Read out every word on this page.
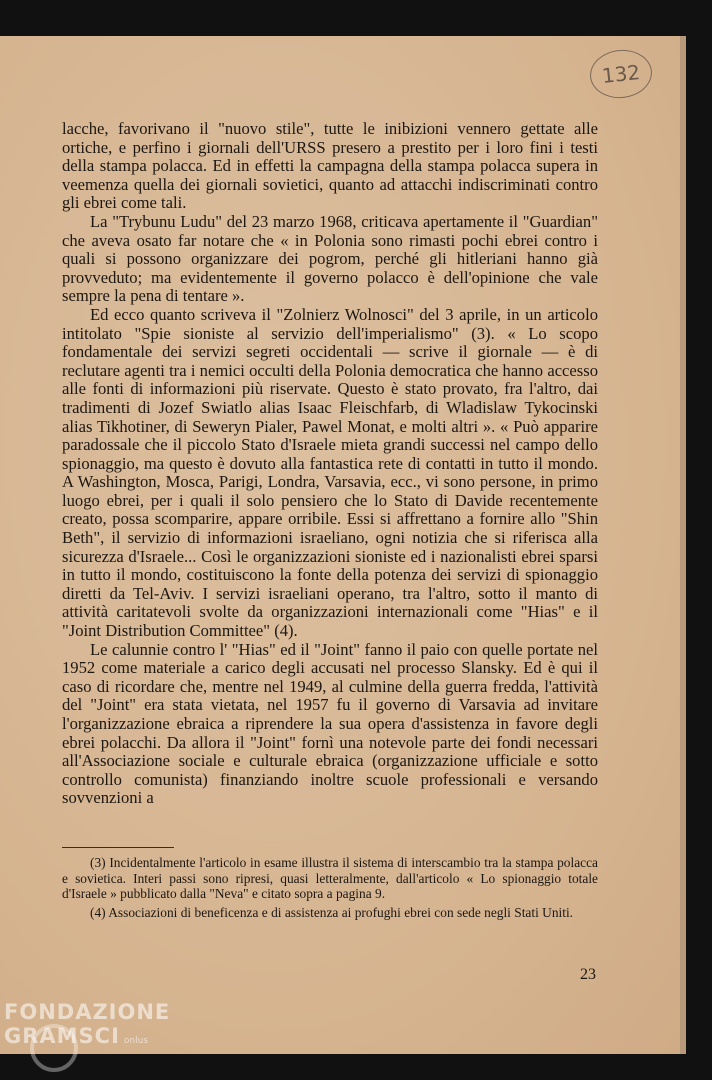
132

lacche, favorivano il "nuovo stile", tutte le inibizioni vennero gettate alle ortiche, e perfino i giornali dell'URSS presero a prestito per i loro fini i testi della stampa polacca. Ed in effetti la campagna della stampa polacca supera in veemenza quella dei giornali sovietici, quanto ad attacchi indiscriminati contro gli ebrei come tali.

La "Trybunu Ludu" del 23 marzo 1968, criticava apertamente il "Guardian" che aveva osato far notare che « in Polonia sono rimasti pochi ebrei contro i quali si possono organizzare dei pogrom, perché gli hitleriani hanno già provveduto; ma evidentemente il governo polacco è dell'opinione che vale sempre la pena di tentare ».

Ed ecco quanto scriveva il "Zolnierz Wolnosci" del 3 aprile, in un articolo intitolato "Spie sioniste al servizio dell'imperialismo" (3). « Lo scopo fondamentale dei servizi segreti occidentali — scrive il giornale — è di reclutare agenti tra i nemici occulti della Polonia democratica che hanno accesso alle fonti di informazioni più riservate. Questo è stato provato, fra l'altro, dai tradimenti di Jozef Swiatlo alias Isaac Fleischfarb, di Wladislaw Tykocinski alias Tikhotiner, di Seweryn Pialer, Pawel Monat, e molti altri ». « Può apparire paradossale che il piccolo Stato d'Israele mieta grandi successi nel campo dello spionaggio, ma questo è dovuto alla fantastica rete di contatti in tutto il mondo. A Washington, Mosca, Parigi, Londra, Varsavia, ecc., vi sono persone, in primo luogo ebrei, per i quali il solo pensiero che lo Stato di Davide recentemente creato, possa scomparire, appare orribile. Essi si affrettano a fornire allo "Shin Beth", il servizio di informazioni israeliano, ogni notizia che si riferisca alla sicurezza d'Israele... Così le organizzazioni sioniste ed i nazionalisti ebrei sparsi in tutto il mondo, costituiscono la fonte della potenza dei servizi di spionaggio diretti da Tel-Aviv. I servizi israeliani operano, tra l'altro, sotto il manto di attività caritatevoli svolte da organizzazioni internazionali come "Hias" e il "Joint Distribution Committee" (4).

Le calunnie contro l' "Hias" ed il "Joint" fanno il paio con quelle portate nel 1952 come materiale a carico degli accusati nel processo Slansky. Ed è qui il caso di ricordare che, mentre nel 1949, al culmine della guerra fredda, l'attività del "Joint" era stata vietata, nel 1957 fu il governo di Varsavia ad invitare l'organizzazione ebraica a riprendere la sua opera d'assistenza in favore degli ebrei polacchi. Da allora il "Joint" fornì una notevole parte dei fondi necessari all'Associazione sociale e culturale ebraica (organizzazione ufficiale e sotto controllo comunista) finanziando inoltre scuole professionali e versando sovvenzioni a

(3) Incidentalmente l'articolo in esame illustra il sistema di interscambio tra la stampa polacca e sovietica. Interi passi sono ripresi, quasi letteralmente, dall'articolo « Lo spionaggio totale d'Israele » pubblicato dalla "Neva" e citato sopra a pagina 9.

(4) Associazioni di beneficenza e di assistenza ai profughi ebrei con sede negli Stati Uniti.

23
FONDAZIONE
GRAMSCI onlus
